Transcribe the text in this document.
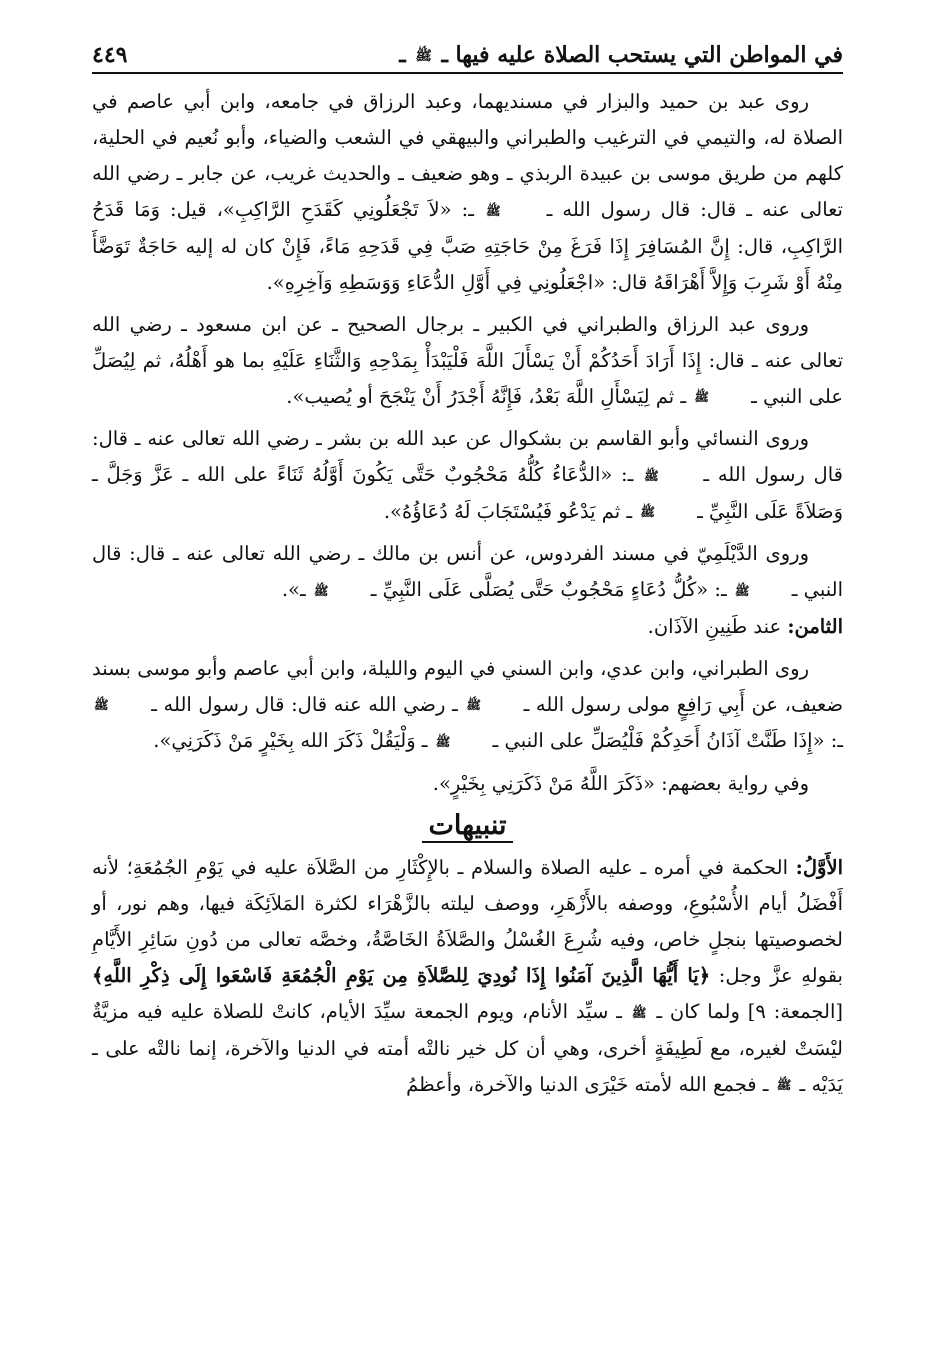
في المواطن التي يستحب الصلاة عليه فيها ـ ﷺ ـ
٤٤٩

روى عبد بن حميد والبزار في مسنديهما، وعبد الرزاق في جامعه، وابن أبي عاصم في الصلاة له، والتيمي في الترغيب والطبراني والبيهقي في الشعب والضياء، وأبو نُعيم في الحلية، كلهم من طريق موسى بن عبيدة الربذي ـ وهو ضعيف ـ والحديث غريب، عن جابر ـ رضي الله تعالى عنه ـ قال: قال رسول الله ـ ﷺ ـ: «لاَ تَجْعَلُونِي كَقَدَحِ الرَّاكِبِ»، قيل: وَمَا قَدَحُ الرَّاكِبِ، قال: إِنَّ المُسَافِرَ إِذَا فَرَغَ مِنْ حَاجَتِهِ صَبَّ فِي قَدَحِهِ مَاءً، فَإِنْ كان له إليه حَاجَةٌ تَوَضَّأَ مِنْهُ أَوْ شَرِبَ وَإِلاَّ أَهْرَاقَهُ قال: «اجْعَلُونِي فِي أَوَّلِ الدُّعَاءِ وَوَسَطِهِ وَآخِرِهِ».

وروى عبد الرزاق والطبراني في الكبير ـ برجال الصحيح ـ عن ابن مسعود ـ رضي الله تعالى عنه ـ قال: إِذَا أَرَادَ أَحَدُكُمْ أَنْ يَسْأَلَ اللَّهَ فَلْيَبْدَأْ بِمَدْحِهِ وَالثَّنَاءِ عَلَيْهِ بما هو أَهْلُهُ، ثم لِيُصَلِّ على النبي ـ ﷺ ـ ثم لِيَسْأَلِ اللَّهَ بَعْدُ، فَإِنَّهُ أَجْدَرُ أَنْ يَنْجَحَ أو يُصيب».

وروى النسائي وأبو القاسم بن بشكوال عن عبد الله بن بشر ـ رضي الله تعالى عنه ـ قال: قال رسول الله ـ ﷺ ـ: «الدُّعَاءُ كُلُّهُ مَحْجُوبٌ حَتَّى يَكُونَ أَوَّلُهُ ثَنَاءً على الله ـ عَزَّ وَجَلَّ ـ وَصَلاَةً عَلَى النَّبِيِّ ـ ﷺ ـ ثم يَدْعُو فَيُسْتَجَابَ لَهُ دُعَاؤُهُ».

وروى الدَّيْلَمِيّ في مسند الفردوس، عن أنس بن مالك ـ رضي الله تعالى عنه ـ قال: قال النبي ـ ﷺ ـ: «كُلُّ دُعَاءٍ مَحْجُوبٌ حَتَّى يُصَلَّى عَلَى النَّبِيِّ ـ ﷺ ـ».

الثامن: عند طَنِينِ الآذَان.

روى الطبراني، وابن عدي، وابن السني في اليوم والليلة، وابن أبي عاصم وأبو موسى بسند ضعيف، عن أَبِي رَافِعٍ مولى رسول الله ـ ﷺ ـ رضي الله عنه قال: قال رسول الله ـ ﷺ ـ: «إِذَا طَنَّتْ آذَانُ أَحَدِكُمْ فَلْيُصَلِّ على النبي ـ ﷺ ـ وَلْيَقُلْ ذَكَرَ الله بِخَيْرٍ مَنْ ذَكَرَنِي».

وفي رواية بعضهم: «ذَكَرَ اللَّهُ مَنْ ذَكَرَنِي بِخَيْرٍ».

تنبيهات

الأَوَّلُ: الحكمة في أمره ـ عليه الصلاة والسلام ـ بالإِكْثَارِ من الصَّلاَة عليه في يَوْمِ الجُمُعَةِ؛ لأنه أَفْضَلُ أيام الأُسْبُوعِ، ووصفه بالأَزْهَرِ، ووصف ليلته بالزَّهْرَاء لكثرة المَلاَئِكَة فيها، وهم نور، أو لخصوصيتها بنجلٍ خاص، وفيه شُرِعَ الغُسْلُ والصَّلاَةُ الخَاصَّةُ، وخصَّه تعالى من دُونِ سَائِرِ الأَيَّامِ بقولهِ عزَّ وجل: ﴿يَا أَيُّهَا الَّذِينَ آمَنُوا إِذَا نُودِيَ لِلصَّلاَةِ مِن يَوْمِ الْجُمُعَةِ فَاسْعَوا إِلَى ذِكْرِ اللَّهِ﴾ [الجمعة: ٩] ولما كان ـ ﷺ ـ سيِّد الأنام، ويوم الجمعة سيِّدَ الأيام، كانتْ للصلاة عليه فيه مزيَّةٌ ليْسَتْ لغيره، مع لَطِيفَةٍ أخرى، وهي أن كل خير نالتْه أمته في الدنيا والآخرة، إنما نالتْه على ـ يَدَيْه ـ ﷺ ـ فجمع الله لأمته خَيْرَى الدنيا والآخرة، وأعظمُ
